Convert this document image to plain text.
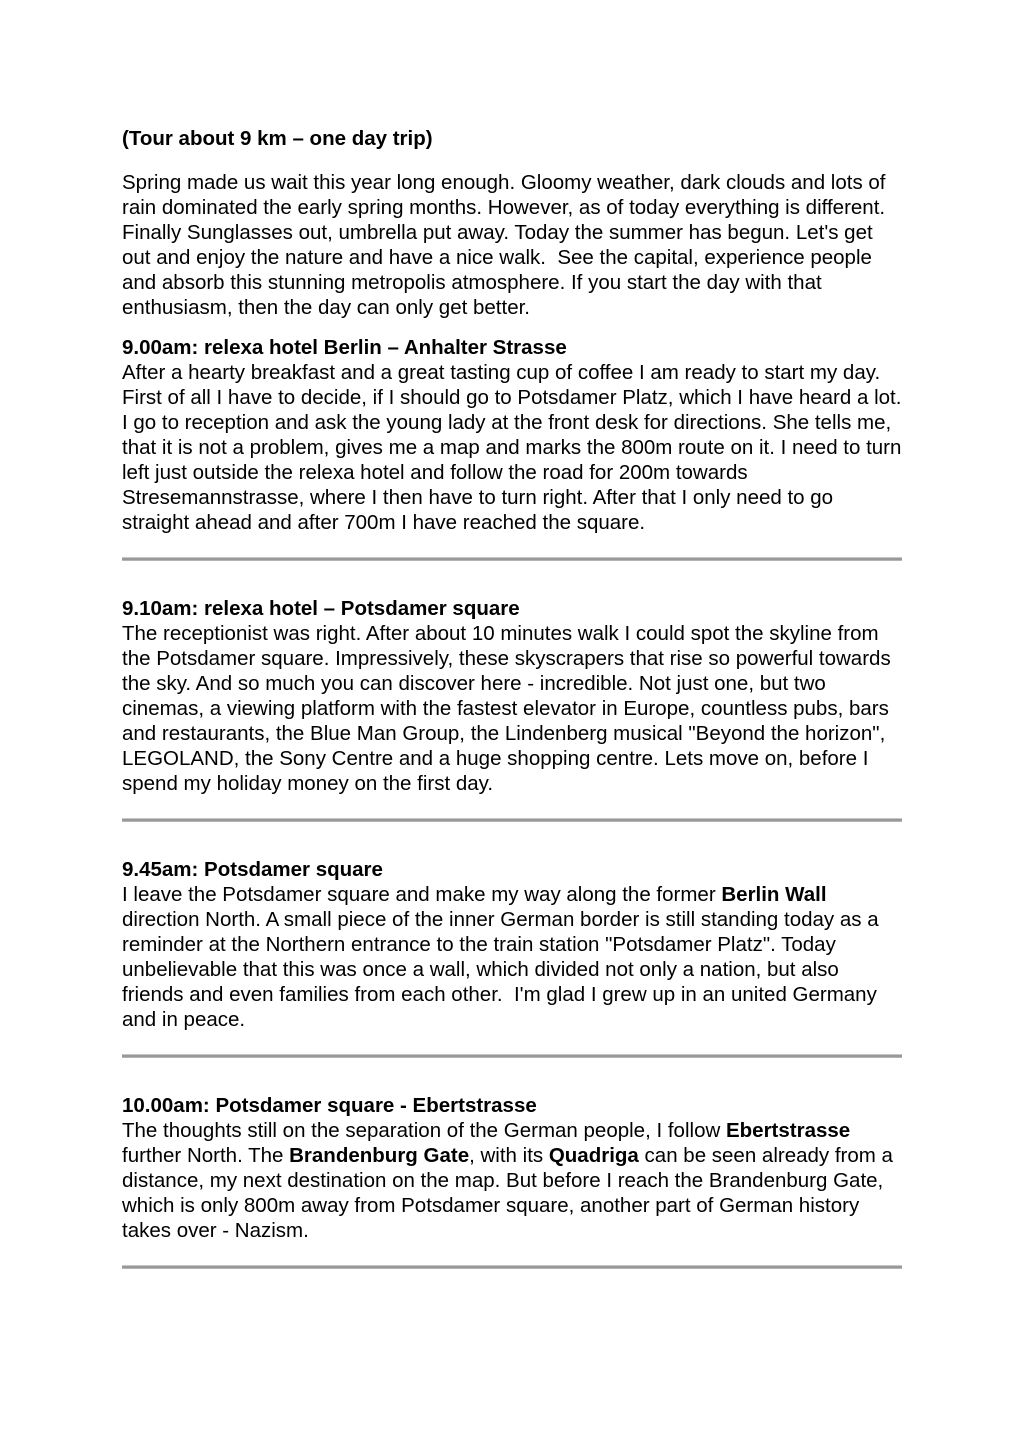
(Tour about 9 km – one day trip)

Spring made us wait this year long enough. Gloomy weather, dark clouds and lots of rain dominated the early spring months. However, as of today everything is different. Finally Sunglasses out, umbrella put away. Today the summer has begun. Let's get out and enjoy the nature and have a nice walk.  See the capital, experience people and absorb this stunning metropolis atmosphere. If you start the day with that enthusiasm, then the day can only get better.

9.00am: relexa hotel Berlin – Anhalter Strasse

After a hearty breakfast and a great tasting cup of coffee I am ready to start my day. First of all I have to decide, if I should go to Potsdamer Platz, which I have heard a lot. I go to reception and ask the young lady at the front desk for directions. She tells me, that it is not a problem, gives me a map and marks the 800m route on it. I need to turn left just outside the relexa hotel and follow the road for 200m towards Stresemannstrasse, where I then have to turn right. After that I only need to go straight ahead and after 700m I have reached the square.

9.10am: relexa hotel – Potsdamer square

The receptionist was right. After about 10 minutes walk I could spot the skyline from the Potsdamer square. Impressively, these skyscrapers that rise so powerful towards the sky. And so much you can discover here - incredible. Not just one, but two cinemas, a viewing platform with the fastest elevator in Europe, countless pubs, bars and restaurants, the Blue Man Group, the Lindenberg musical "Beyond the horizon", LEGOLAND, the Sony Centre and a huge shopping centre. Lets move on, before I spend my holiday money on the first day.

9.45am: Potsdamer square

I leave the Potsdamer square and make my way along the former Berlin Wall direction North. A small piece of the inner German border is still standing today as a reminder at the Northern entrance to the train station "Potsdamer Platz". Today unbelievable that this was once a wall, which divided not only a nation, but also friends and even families from each other.  I'm glad I grew up in an united Germany and in peace.

10.00am: Potsdamer square - Ebertstrasse

The thoughts still on the separation of the German people, I follow Ebertstrasse further North. The Brandenburg Gate, with its Quadriga can be seen already from a distance, my next destination on the map. But before I reach the Brandenburg Gate, which is only 800m away from Potsdamer square, another part of German history takes over - Nazism.
